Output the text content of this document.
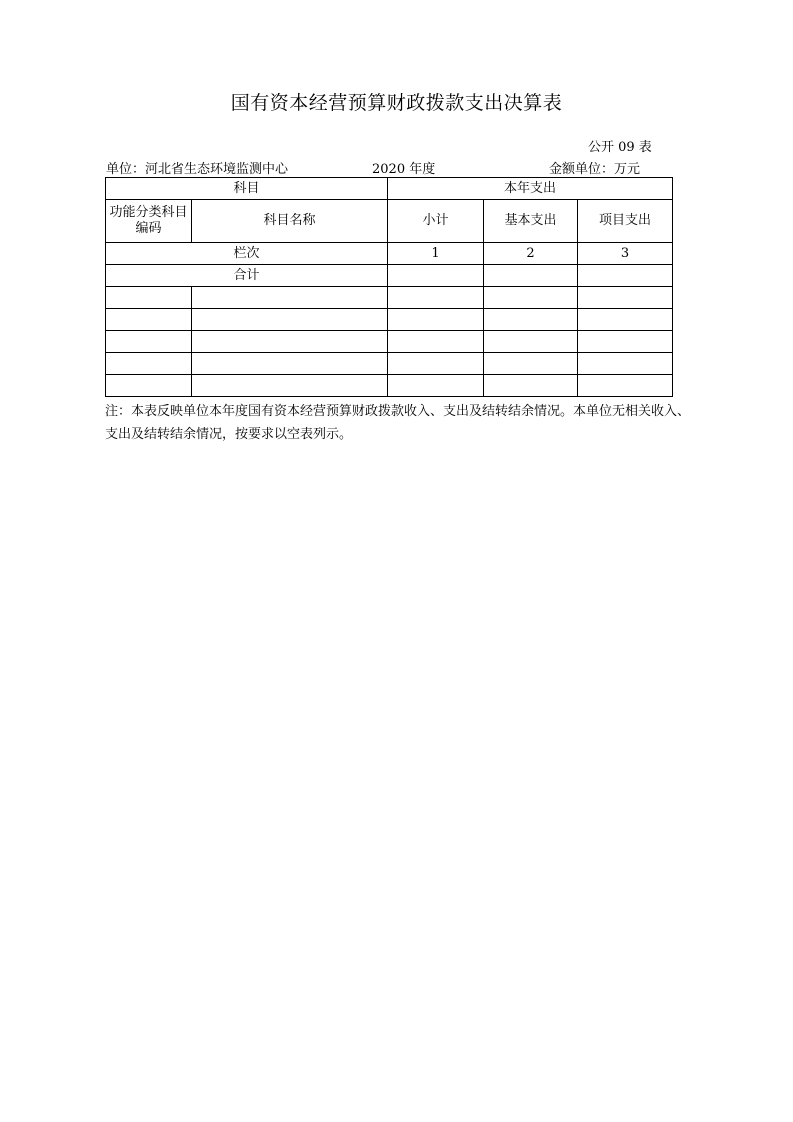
国有资本经营预算财政拨款支出决算表
公开 09 表
单位：河北省生态环境监测中心	2020 年度	金额单位：万元
科目		本年支出		
功能分类科目编码	科目名称	小计	基本支出	项目支出
栏次		1	2	3
合计				

注：本表反映单位本年度国有资本经营预算财政拨款收入、支出及结转结余情况。本单位无相关收入、支出及结转结余情况，按要求以空表列示。
